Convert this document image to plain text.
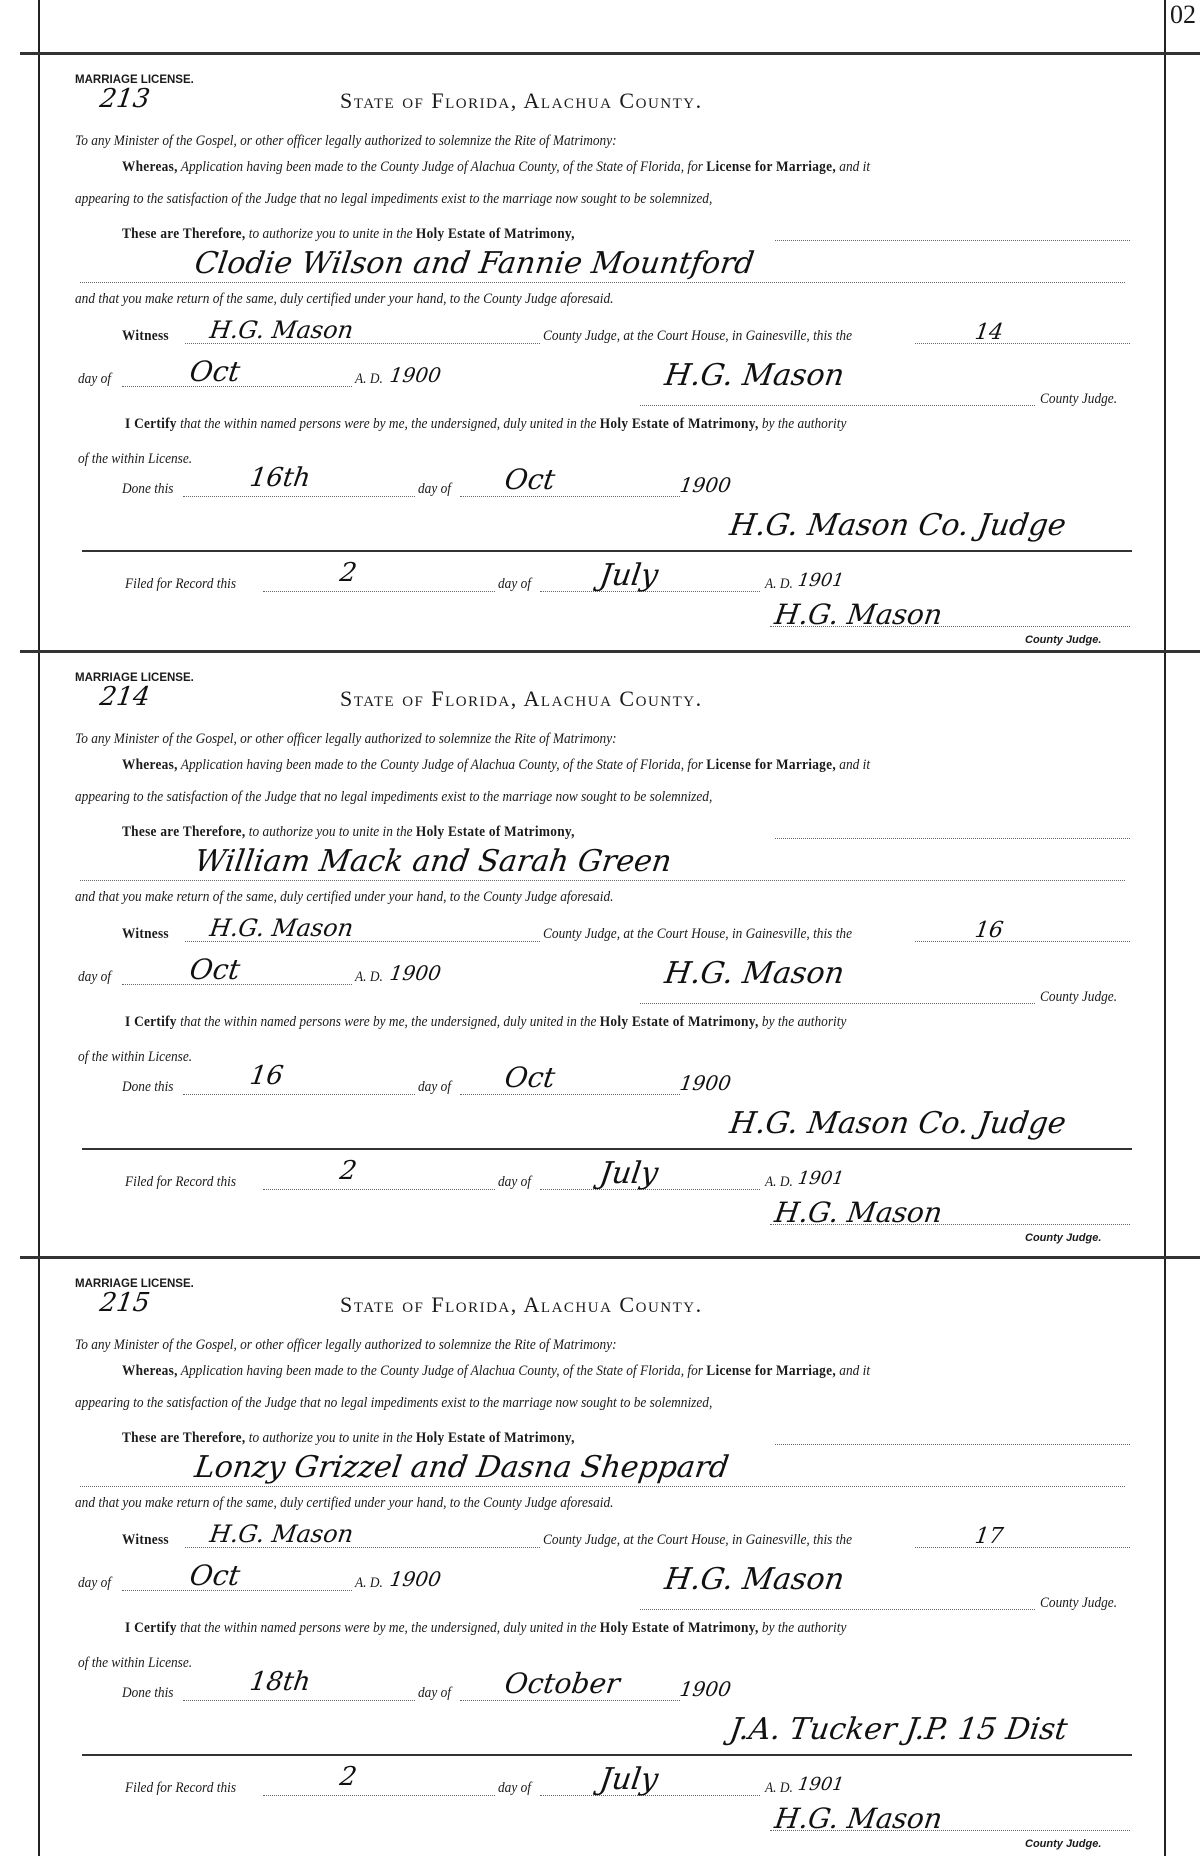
02
MARRIAGE LICENSE.
213	State of Florida, Alachua County.
To any Minister of the Gospel, or other officer legally authorized to solemnize the Rite of Matrimony:
Whereas, Application having been made to the County Judge of Alachua County, of the State of Florida, for License for Marriage, and it
appearing to the satisfaction of the Judge that no legal impediments exist to the marriage now sought to be solemnized,
These are Therefore, to authorize you to unite in the Holy Estate of Matrimony,
Clodie Wilson and Fannie Mountford
and that you make return of the same, duly certified under your hand, to the County Judge aforesaid.
Witness H.G. Mason	County Judge, at the Court House, in Gainesville, this the	14
day of	Oct	A. D. 1900	H.G. Mason
County Judge.
I Certify that the within named persons were by me, the undersigned, duly united in the Holy Estate of Matrimony, by the authority
of the within License.
Done this	16th	day of Oct	1900
H.G. Mason Co. Judge
Filed for Record this	2	day of July	A. D. 1901
H.G. Mason
County Judge.
MARRIAGE LICENSE.
214	State of Florida, Alachua County.
To any Minister of the Gospel, or other officer legally authorized to solemnize the Rite of Matrimony:
Whereas, Application having been made to the County Judge of Alachua County, of the State of Florida, for License for Marriage, and it
appearing to the satisfaction of the Judge that no legal impediments exist to the marriage now sought to be solemnized,
These are Therefore, to authorize you to unite in the Holy Estate of Matrimony,
William Mack and Sarah Green
and that you make return of the same, duly certified under your hand, to the County Judge aforesaid.
Witness H.G. Mason	County Judge, at the Court House, in Gainesville, this the	16
day of	Oct	A. D. 1900	H.G. Mason
County Judge.
I Certify that the within named persons were by me, the undersigned, duly united in the Holy Estate of Matrimony, by the authority
of the within License.
Done this	16	day of Oct	1900
H.G. Mason Co. Judge
Filed for Record this	2	day of July	A. D. 1901
H.G. Mason
County Judge.
MARRIAGE LICENSE.
215	State of Florida, Alachua County.
To any Minister of the Gospel, or other officer legally authorized to solemnize the Rite of Matrimony:
Whereas, Application having been made to the County Judge of Alachua County, of the State of Florida, for License for Marriage, and it
appearing to the satisfaction of the Judge that no legal impediments exist to the marriage now sought to be solemnized,
These are Therefore, to authorize you to unite in the Holy Estate of Matrimony,
Lonzy Grizzel and Dasna Sheppard
and that you make return of the same, duly certified under your hand, to the County Judge aforesaid.
Witness H.G. Mason	County Judge, at the Court House, in Gainesville, this the	17
day of	Oct	A. D. 1900	H.G. Mason
County Judge.
I Certify that the within named persons were by me, the undersigned, duly united in the Holy Estate of Matrimony, by the authority
of the within License.
Done this	18th	day of October	1900
J.A. Tucker J.P. 15 Dist
Filed for Record this	2	day of July	A. D. 1901
H.G. Mason
County Judge.
